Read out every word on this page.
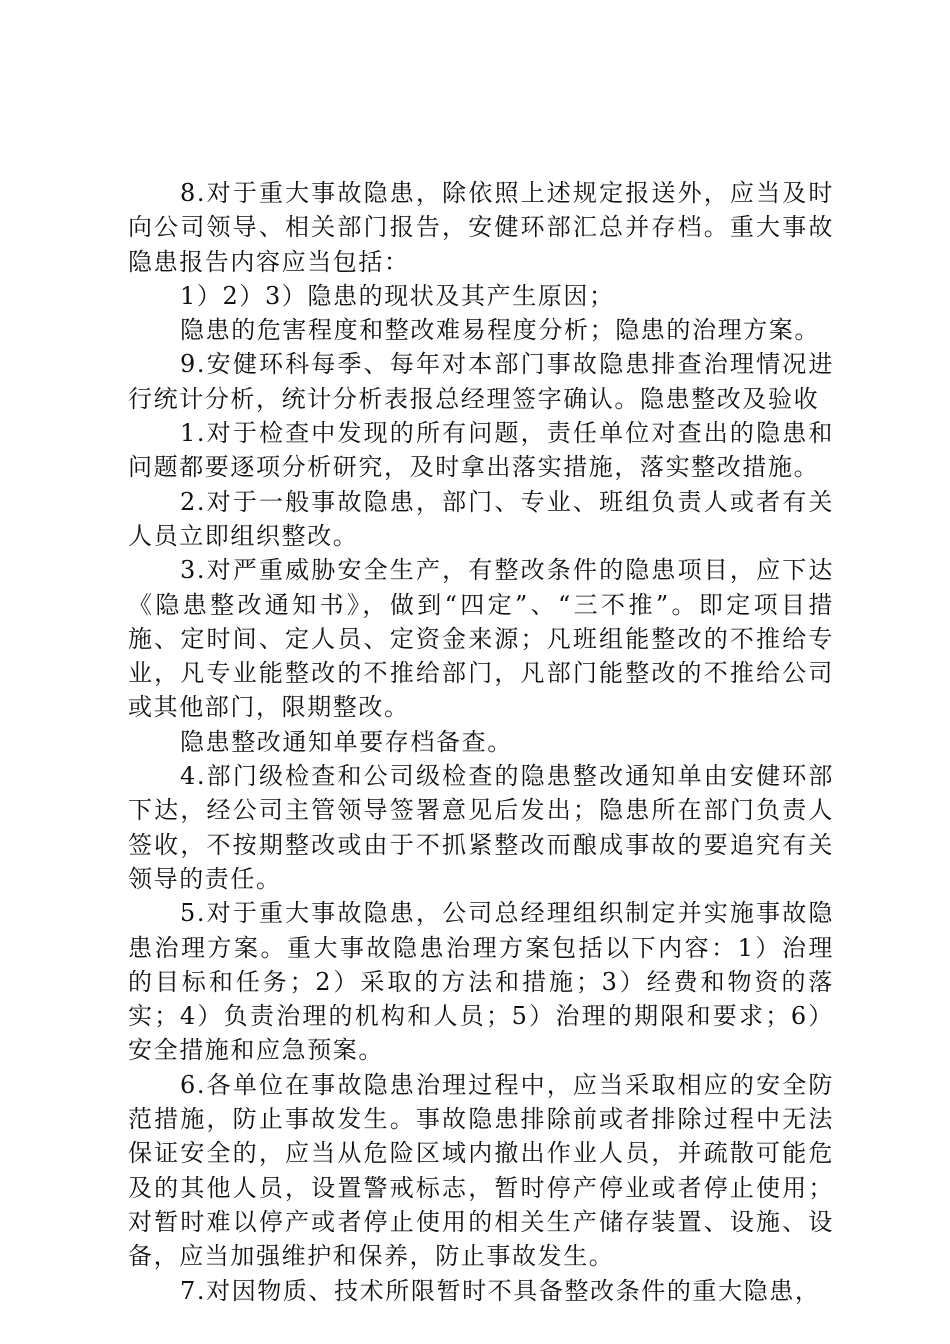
8.对于重大事故隐患，除依照上述规定报送外，应当及时向公司领导、相关部门报告，安健环部汇总并存档。重大事故隐患报告内容应当包括：

1）2）3）隐患的现状及其产生原因；

隐患的危害程度和整改难易程度分析；隐患的治理方案。

9.安健环科每季、每年对本部门事故隐患排查治理情况进行统计分析，统计分析表报总经理签字确认。隐患整改及验收

1.对于检查中发现的所有问题，责任单位对查出的隐患和问题都要逐项分析研究，及时拿出落实措施，落实整改措施。

2.对于一般事故隐患，部门、专业、班组负责人或者有关人员立即组织整改。

3.对严重威胁安全生产，有整改条件的隐患项目，应下达《隐患整改通知书》，做到“四定”、“三不推”。即定项目措施、定时间、定人员、定资金来源；凡班组能整改的不推给专业，凡专业能整改的不推给部门，凡部门能整改的不推给公司或其他部门，限期整改。

隐患整改通知单要存档备查。

4.部门级检查和公司级检查的隐患整改通知单由安健环部下达，经公司主管领导签署意见后发出；隐患所在部门负责人签收，不按期整改或由于不抓紧整改而酿成事故的要追究有关领导的责任。

5.对于重大事故隐患，公司总经理组织制定并实施事故隐患治理方案。重大事故隐患治理方案包括以下内容：1）治理的目标和任务；2）采取的方法和措施；3）经费和物资的落实；4）负责治理的机构和人员；5）治理的期限和要求；6）安全措施和应急预案。

6.各单位在事故隐患治理过程中，应当采取相应的安全防范措施，防止事故发生。事故隐患排除前或者排除过程中无法保证安全的，应当从危险区域内撤出作业人员，并疏散可能危及的其他人员，设置警戒标志，暂时停产停业或者停止使用；对暂时难以停产或者停止使用的相关生产储存装置、设施、设备，应当加强维护和保养，防止事故发生。

7.对因物质、技术所限暂时不具备整改条件的重大隐患，
